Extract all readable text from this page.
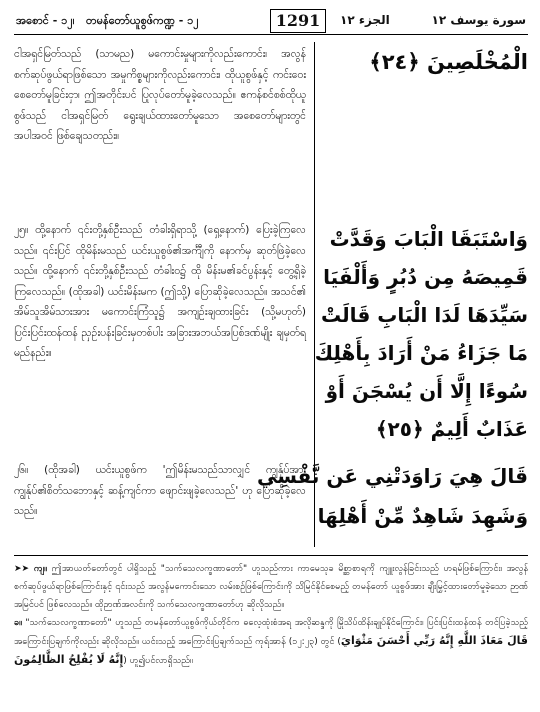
အစောင် - ၁၂၊ တမန်တော်ယူစွဖ်ကဏ္ဍ - ၁၂	1291	الجزء ١٢	سورة يوسف ١٢
الْمُخْلَصِينَ ﴿٢٤﴾
ငါအရှင်မြတ်သည် (သာမည) မကောင်းမှုများကိုလည်းကောင်း၊ အလွန် စက်ဆုပ်ဖွယ်ရာဖြစ်သော အမှုကိစ္စများကိုလည်းကောင်း၊ ထိုယူစွဖ်နှင့် ကင်းဝေးစေတော်မူခြင်းငှာ၊ ဤအတိုင်းပင် ပြုလုပ်တော်မူခဲ့လေသည်။ ဧကန်စင်စစ်ထိုယူစွဖ်သည် ငါအရှင်မြတ် ရွေးချယ်ထားတော်မူသော အစေတော်များတွင် အပါအဝင် ဖြစ်ချေသတည်း။
وَاسْتَبَقَا الْبَابَ وَقَدَّتْ
قَمِيصَهُ مِن دُبُرٍ وَأَلْفَيَا
سَيِّدَهَا لَدَا الْبَابِ قَالَتْ
مَا جَزَاءُ مَنْ أَرَادَ بِأَهْلِكَ
سُوءًا إِلَّا أَن يُسْجَنَ أَوْ
عَذَابٌ أَلِيمٌ ﴿٢٥﴾
၂၅။ ထို့နောက် ၎င်းတို့နှစ်ဦးသည် တံခါးရှိရာသို့ (ရှေ့နောက်) ပြေးခဲ့ကြလေသည်။ ၎င်းပြင် ထိုမိန်းမသည် ယင်းယူစွဖ်၏အင်္ကျီကို နောက်မှ ဆုတ်ဖြဲခဲ့လေသည်။ ထို့နောက် ၎င်းတို့နှစ်ဦးသည် တံခါးဝ၌ ထို မိန်းမ၏ခင်ပွန်းနှင့် တွေ့ရှိခဲ့ကြလေသည်။ (ထိုအခါ) ယင်းမိန်းမက (ဤသို့) ပြောဆိုခဲ့လေသည်။ အသင်၏ အိမ်သူအိမ်သားအား မကောင်းကြံသူ၌ အကျဉ်းချထားခြင်း (သို့မဟုတ်) ပြင်းပြင်းထန်ထန် ညှဉ်းပန်းခြင်းမှတစ်ပါး အခြားအဘယ်အပြစ်ဒဏ်မျိုး ချမှတ်ရမည်နည်း။
قَالَ هِيَ رَاوَدَتْنِي عَن نَّفْسِي
وَشَهِدَ شَاهِدٌ مِّنْ أَهْلِهَا
၂၆။ (ထိုအခါ) ယင်းယူစွဖ်က 'ဤမိန်းမသည်သာလျှင် ကျွန်ုပ်အား ကျွန်ုပ်၏စိတ်သဘောနှင့် ဆန့်ကျင်ကာ ဖျောင်းဖျခဲ့လေသည်' ဟု ပြောဆိုခဲ့လေသည်။
➤➤ ကျ။ ဤအာယတ်တော်တွင် ပါရှိသည့် "သက်သေလက္ခဏာတော်" ဟူသည်ကား ကာမေသုခ မိစ္ဆာစာရကို ကျူးလွန်ခြင်းသည် ဟရမ်ဖြစ်ကြောင်း၊ အလွန်စက်ဆုပ်ဖွယ်ရာဖြစ်ကြောင်းနှင့် ၎င်းသည် အလွန်မကောင်းသော လမ်းစဉ်ဖြစ်ကြောင်းကို သိမြင်နိုင်စေမည့် တမန်တော် ယူစွဖ်အား ချီးမြှင့်ထားတော်မူခဲ့သော ဉာဏ်အမြင်ပင် ဖြစ်လေသည်။ ထိုဉာဏ်အလင်းကို သက်သေလက္ခဏာတော်ဟု ဆိုလိုသည်။
ခ။ "သက်သေလက္ခဏာတော်" ဟူသည် တမန်တော်ယူစွဖ်ကိုယ်တိုင်က ဓလေ့ထုံးစံအရ အလိုဆန္ဒကို မြိုသိပ်ထိန်းချုပ်နိုင်ကြောင်း၊ ပြင်းပြင်းထန်ထန် တင်ပြခဲ့သည့် အကြောင်းပြချက်ကိုလည်း ဆိုလိုသည်။ ယင်းသည့် အကြောင်းပြချက်သည် ကုရ်အာန် (၁၂:၂၃) တွင် (قَالَ مَعَاذَ اللَّهِ إِنَّهُ رَبِّي أَحْسَنَ مَثْوَايَ إِنَّهُ لَا يُفْلِحُ الظَّالِمُونَ) ဟူ၍ပင်လာရှိသည်။
